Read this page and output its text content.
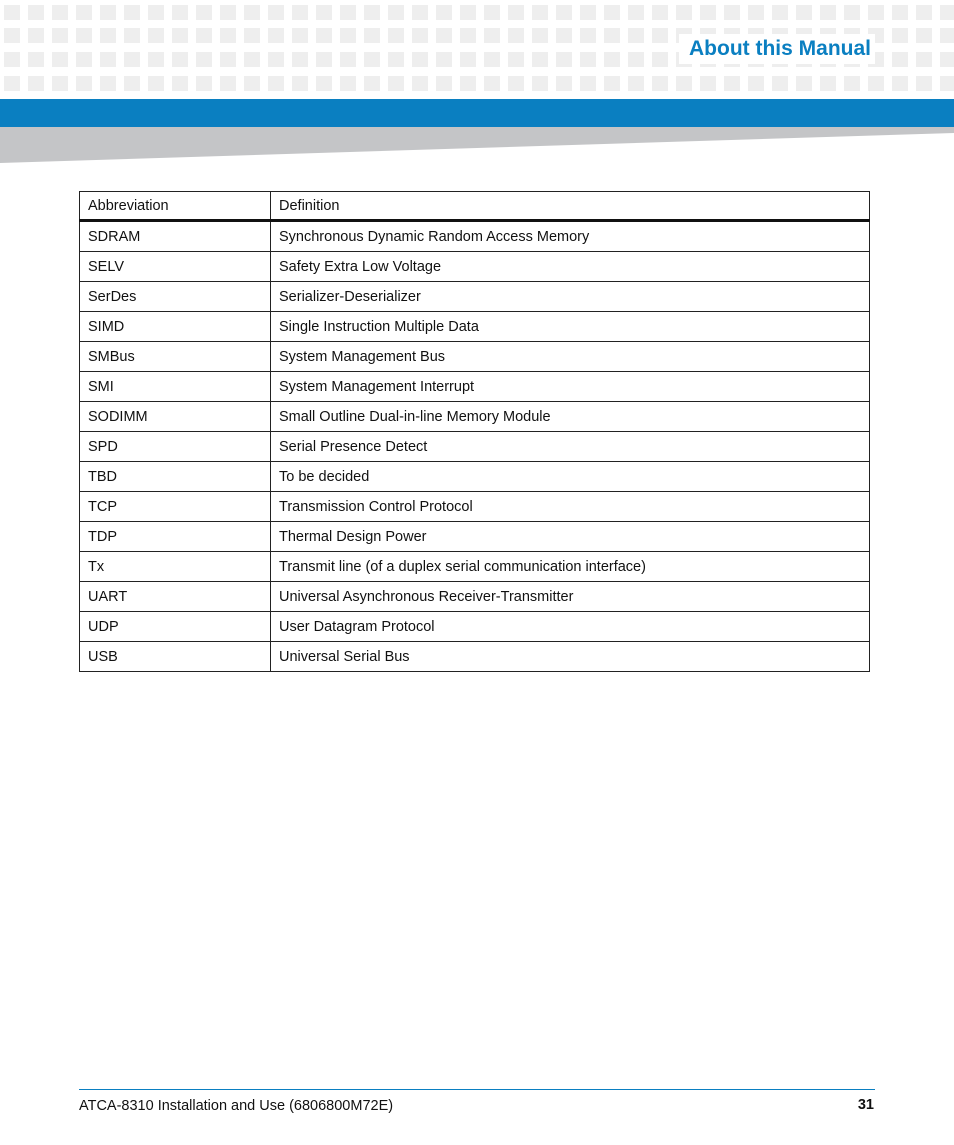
About this Manual
Abbreviation	Definition
SDRAM	Synchronous Dynamic Random Access Memory
SELV	Safety Extra Low Voltage
SerDes	Serializer-Deserializer
SIMD	Single Instruction Multiple Data
SMBus	System Management Bus
SMI	System Management Interrupt
SODIMM	Small Outline Dual-in-line Memory Module
SPD	Serial Presence Detect
TBD	To be decided
TCP	Transmission Control Protocol
TDP	Thermal Design Power
Tx	Transmit line (of a duplex serial communication interface)
UART	Universal Asynchronous Receiver-Transmitter
UDP	User Datagram Protocol
USB	Universal Serial Bus
ATCA-8310 Installation and Use (6806800M72E)	31
